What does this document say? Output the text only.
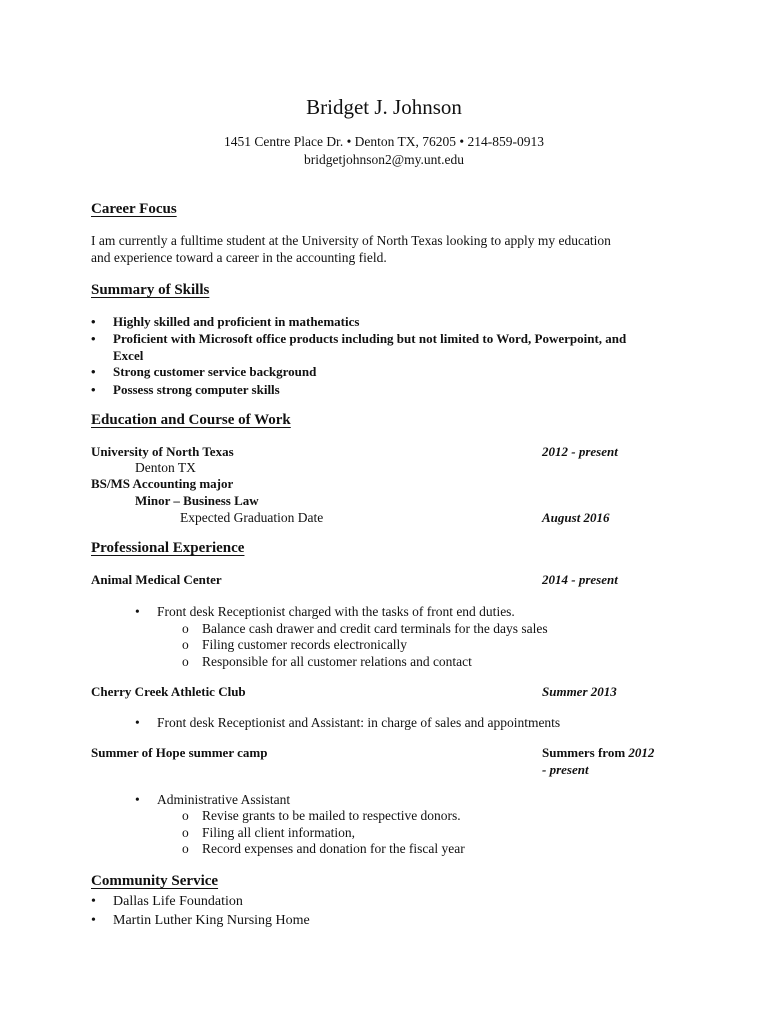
Bridget J. Johnson
1451 Centre Place Dr. • Denton TX, 76205 • 214-859-0913
bridgetjohnson2@my.unt.edu
Career Focus
I am currently a fulltime student at the University of North Texas looking to apply my education
and experience toward a career in the accounting field.
Summary of Skills
• Highly skilled and proficient in mathematics
• Proficient with Microsoft office products including but not limited to Word, Powerpoint, and
Excel
• Strong customer service background
• Possess strong computer skills
Education and Course of Work
University of North Texas	2012 - present
Denton TX
BS/MS Accounting major
Minor – Business Law
Expected Graduation Date	August 2016
Professional Experience
Animal Medical Center	2014 - present
• Front desk Receptionist charged with the tasks of front end duties.
o Balance cash drawer and credit card terminals for the days sales
o Filing customer records electronically
o Responsible for all customer relations and contact
Cherry Creek Athletic Club	Summer 2013
• Front desk Receptionist and Assistant: in charge of sales and appointments
Summer of Hope summer camp	Summers from 2012
- present
• Administrative Assistant
o Revise grants to be mailed to respective donors.
o Filing all client information,
o Record expenses and donation for the fiscal year
Community Service
• Dallas Life Foundation
• Martin Luther King Nursing Home
